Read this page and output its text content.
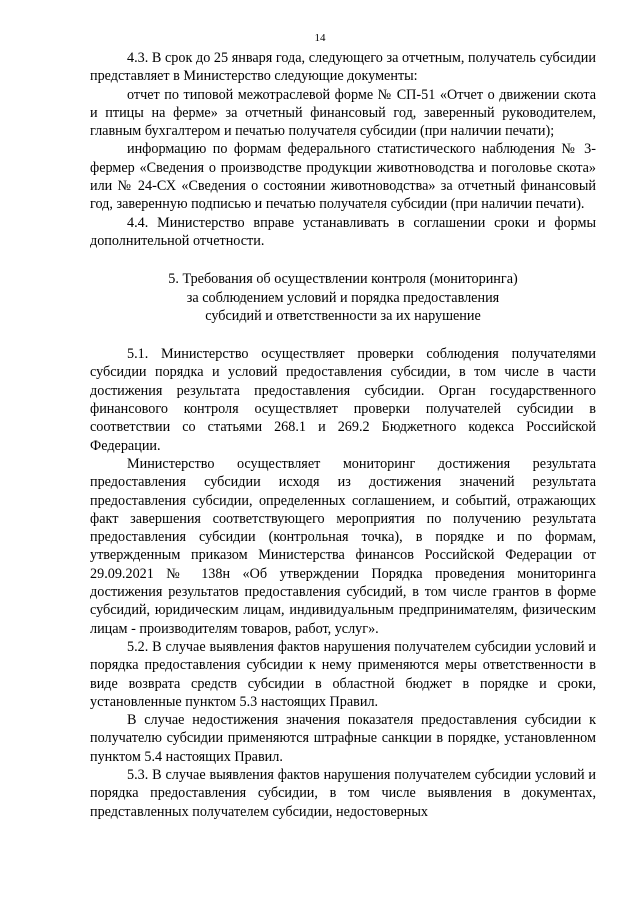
14

4.3. В срок до 25 января года, следующего за отчетным, получатель субсидии представляет в Министерство следующие документы:

отчет по типовой межотраслевой форме № СП-51 «Отчет о движении скота и птицы на ферме» за отчетный финансовый год, заверенный руководителем, главным бухгалтером и печатью получателя субсидии (при наличии печати);

информацию по формам федерального статистического наблюдения № 3-фермер «Сведения о производстве продукции животноводства и поголовье скота» или № 24-СХ «Сведения о состоянии животноводства» за отчетный финансовый год, заверенную подписью и печатью получателя субсидии (при наличии печати).

4.4. Министерство вправе устанавливать в соглашении сроки и формы дополнительной отчетности.

5. Требования об осуществлении контроля (мониторинга)

за соблюдением условий и порядка предоставления

субсидий и ответственности за их нарушение

5.1. Министерство осуществляет проверки соблюдения получателями субсидии порядка и условий предоставления субсидии, в том числе в части достижения результата предоставления субсидии. Орган государственного финансового контроля осуществляет проверки получателей субсидии в соответствии со статьями 268.1 и 269.2 Бюджетного кодекса Российской Федерации.

Министерство осуществляет мониторинг достижения результата предоставления субсидии исходя из достижения значений результата предоставления субсидии, определенных соглашением, и событий, отражающих факт завершения соответствующего мероприятия по получению результата предоставления субсидии (контрольная точка), в порядке и по формам, утвержденным приказом Министерства финансов Российской Федерации от 29.09.2021 № 138н «Об утверждении Порядка проведения мониторинга достижения результатов предоставления субсидий, в том числе грантов в форме субсидий, юридическим лицам, индивидуальным предпринимателям, физическим лицам - производителям товаров, работ, услуг».

5.2. В случае выявления фактов нарушения получателем субсидии условий и порядка предоставления субсидии к нему применяются меры ответственности в виде возврата средств субсидии в областной бюджет в порядке и сроки, установленные пунктом 5.3 настоящих Правил.

В случае недостижения значения показателя предоставления субсидии к получателю субсидии применяются штрафные санкции в порядке, установленном пунктом 5.4 настоящих Правил.

5.3. В случае выявления фактов нарушения получателем субсидии условий и порядка предоставления субсидии, в том числе выявления в документах, представленных получателем субсидии, недостоверных
